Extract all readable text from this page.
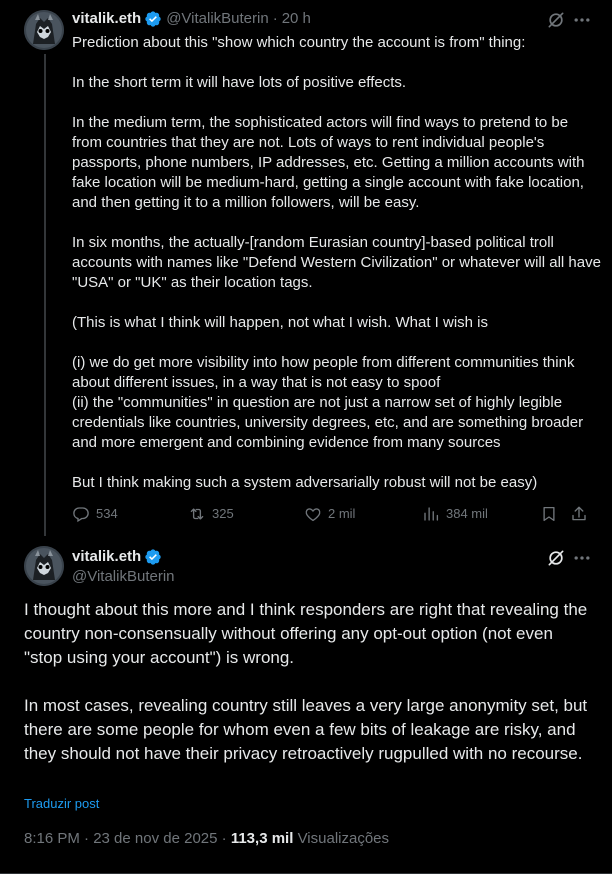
vitalik.eth @VitalikButerin · 20 h

Prediction about this "show which country the account is from" thing:

In the short term it will have lots of positive effects.

In the medium term, the sophisticated actors will find ways to pretend to be from countries that they are not. Lots of ways to rent individual people's passports, phone numbers, IP addresses, etc. Getting a million accounts with fake location will be medium-hard, getting a single account with fake location, and then getting it to a million followers, will be easy.

In six months, the actually-[random Eurasian country]-based political troll accounts with names like "Defend Western Civilization" or whatever will all have "USA" or "UK" as their location tags.

(This is what I think will happen, not what I wish. What I wish is

(i) we do get more visibility into how people from different communities think about different issues, in a way that is not easy to spoof

(ii) the "communities" in question are not just a narrow set of highly legible credentials like countries, university degrees, etc, and are something broader and more emergent and combining evidence from many sources

But I think making such a system adversarially robust will not be easy)

534	325	2 mil	384 mil
vitalik.eth
@VitalikButerin

I thought about this more and I think responders are right that revealing the country non-consensually without offering any opt-out option (not even "stop using your account") is wrong.

In most cases, revealing country still leaves a very large anonymity set, but there are some people for whom even a few bits of leakage are risky, and they should not have their privacy retroactively rugpulled with no recourse.

Traduzir post
8:16 PM · 23 de nov de 2025 · 113,3 mil Visualizações
